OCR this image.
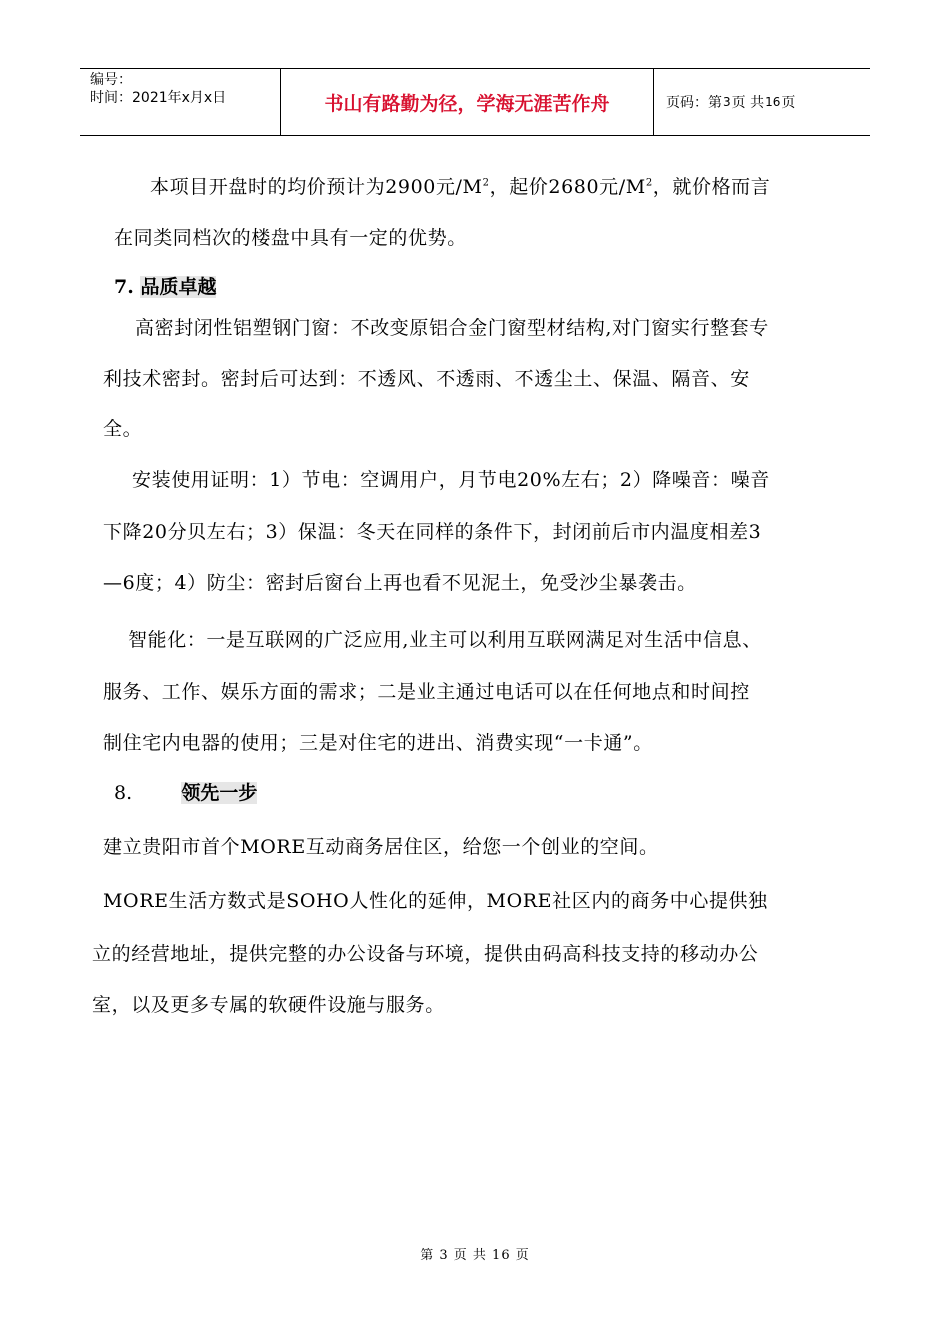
编号：
时间：2021年x月x日	书山有路勤为径，学海无涯苦作舟	页码：第 3 页 共 16 页
本项目开盘时的均价预计为2900元$/M^2$，起价2680元$/M^2$，就价格而言
在同类同档次的楼盘中具有一定的优势。
7. 品质卓越
高密封闭性铝塑钢门窗：不改变原铝合金门窗型材结构,对门窗实行整套专
利技术密封。密封后可达到：不透风、不透雨、不透尘土、保温、隔音、安
全。
安装使用证明：1）节电：空调用户，月节电20%左右；2）降噪音：噪音
下降20分贝左右；3）保温：冬天在同样的条件下，封闭前后市内温度相差3
—6度；4）防尘：密封后窗台上再也看不见泥土，免受沙尘暴袭击。
智能化：一是互联网的广泛应用,业主可以利用互联网满足对生活中信息、
服务、工作、娱乐方面的需求；二是业主通过电话可以在任何地点和时间控
制住宅内电器的使用；三是对住宅的进出、消费实现“一卡通”。
8.	领先一步
建立贵阳市首个MORE互动商务居住区，给您一个创业的空间。
MORE生活方数式是SOHO人性化的延伸，MORE社区内的商务中心提供独
立的经营地址，提供完整的办公设备与环境，提供由码高科技支持的移动办公
室，以及更多专属的软硬件设施与服务。
第 3 页 共 16 页
